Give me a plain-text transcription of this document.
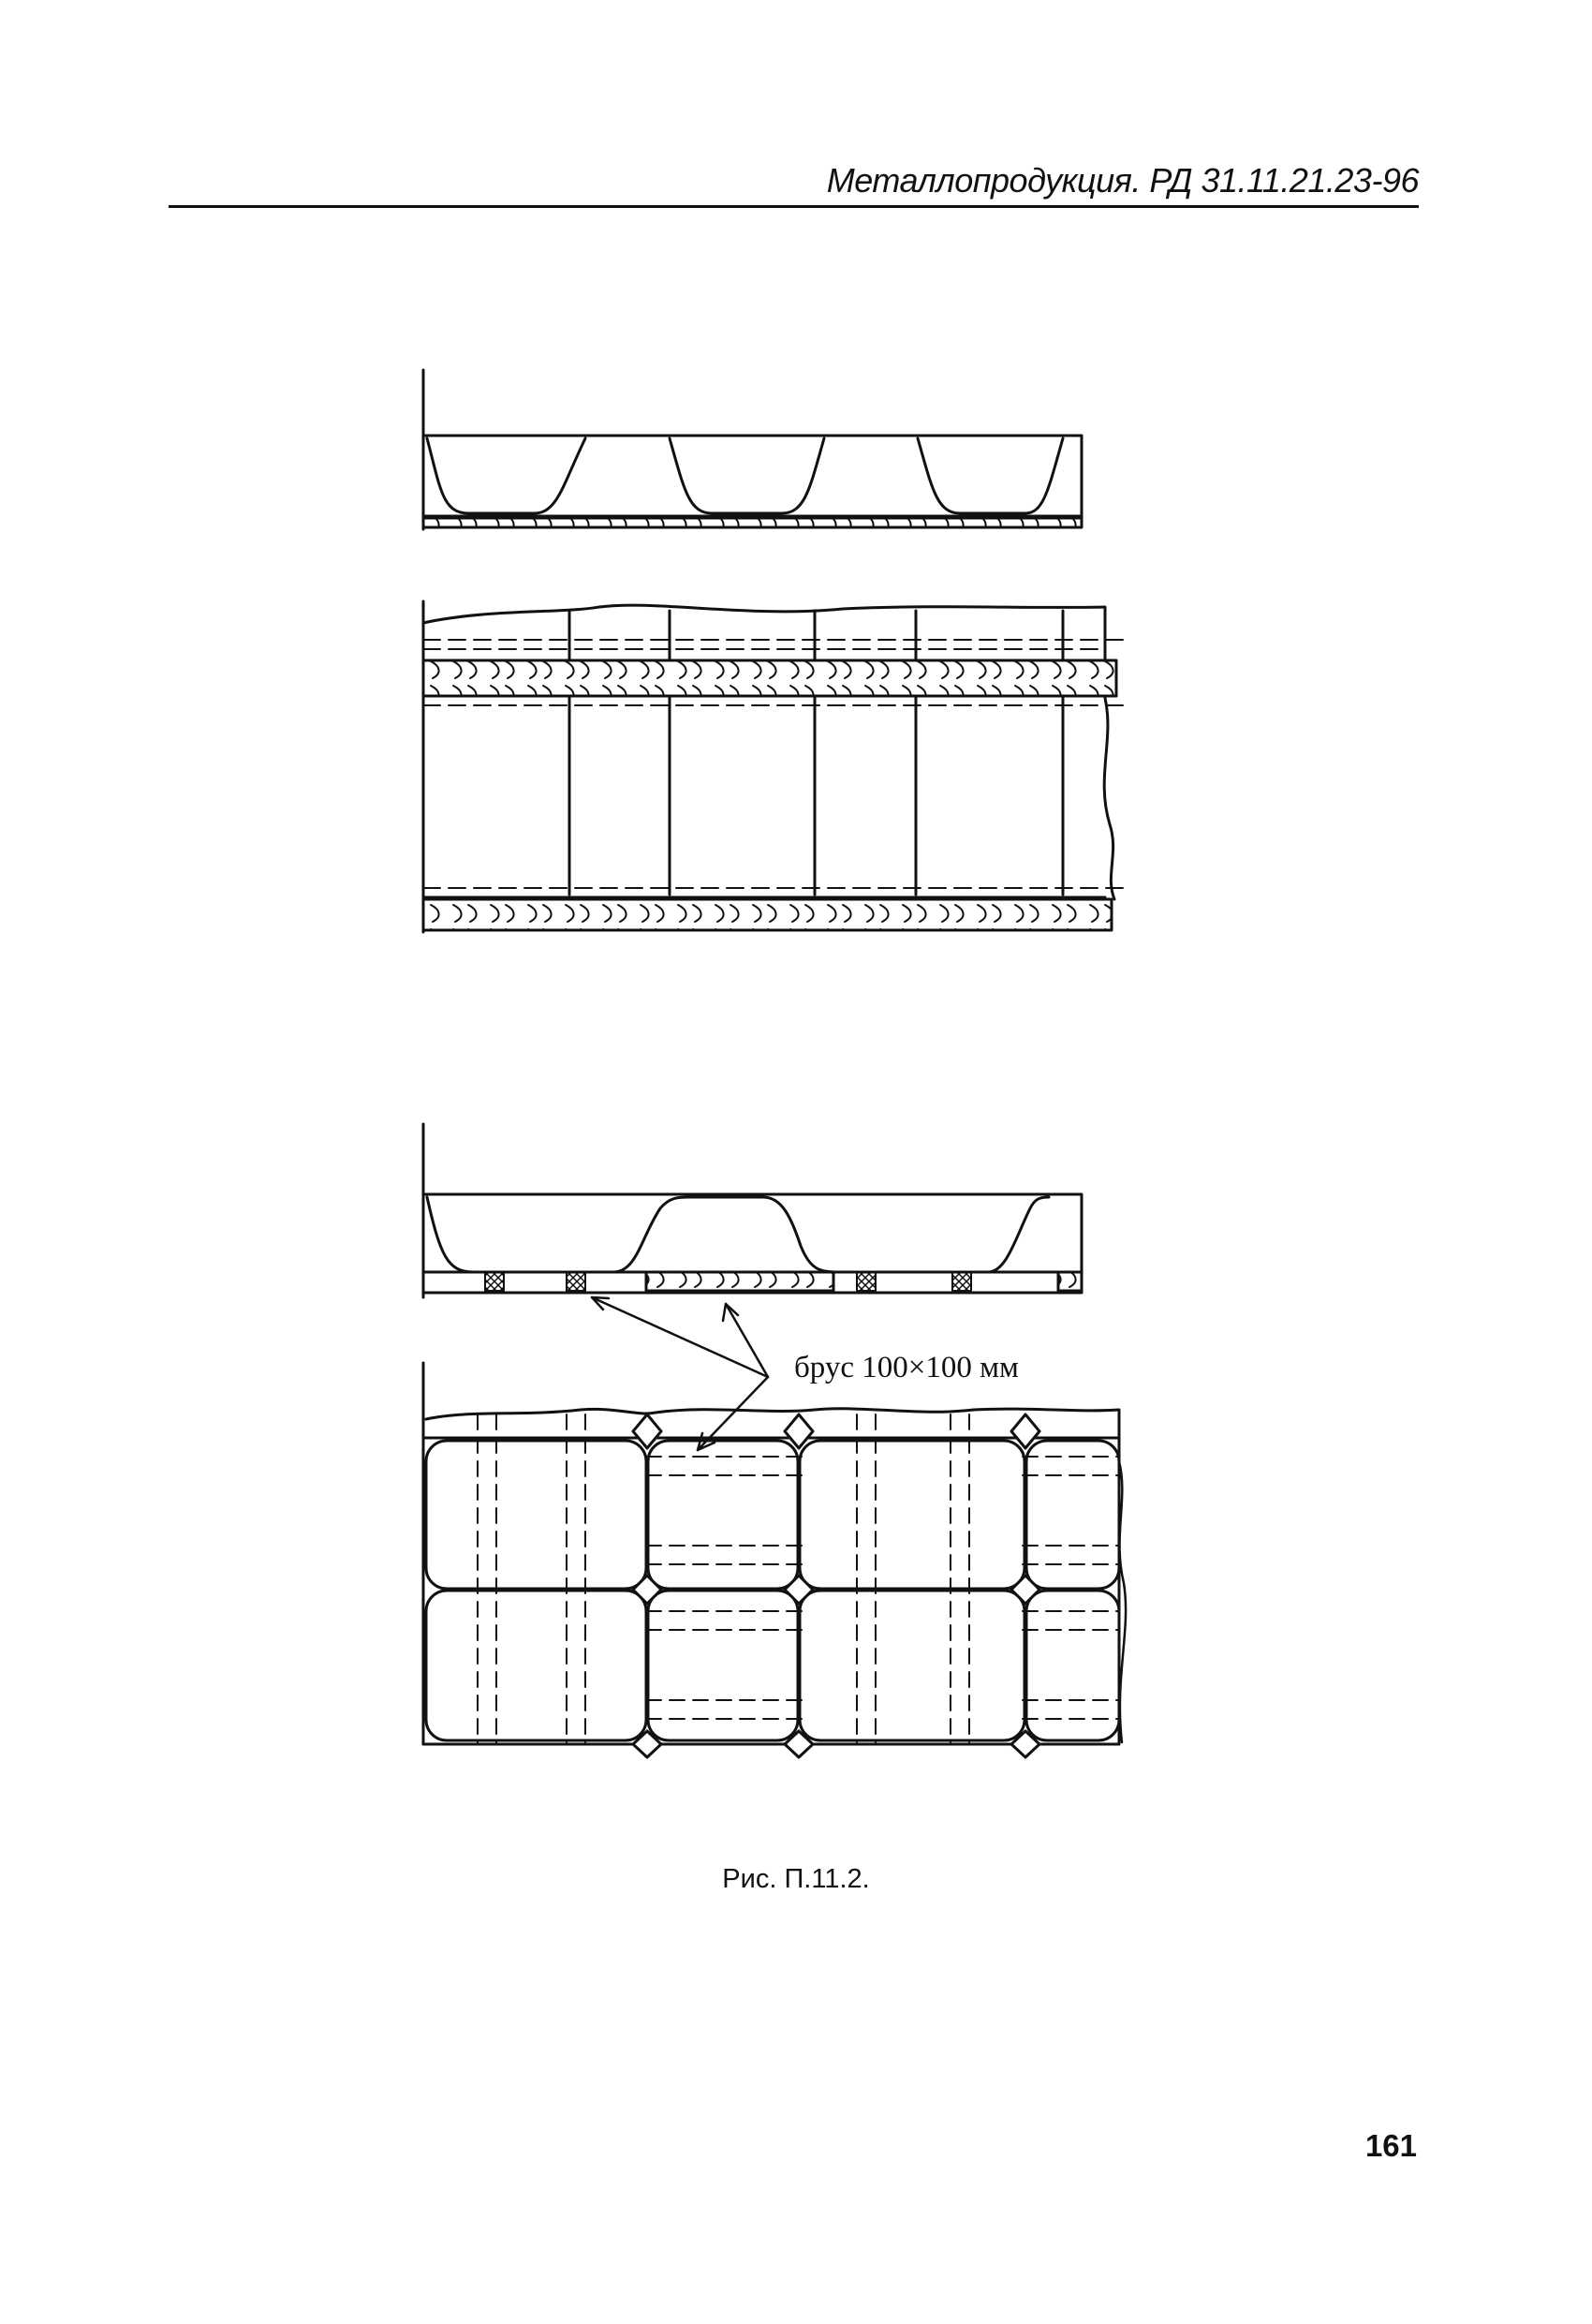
Металлопродукция. РД 31.11.21.23-96
брус 100×100 мм
Рис. П.11.2.
161
